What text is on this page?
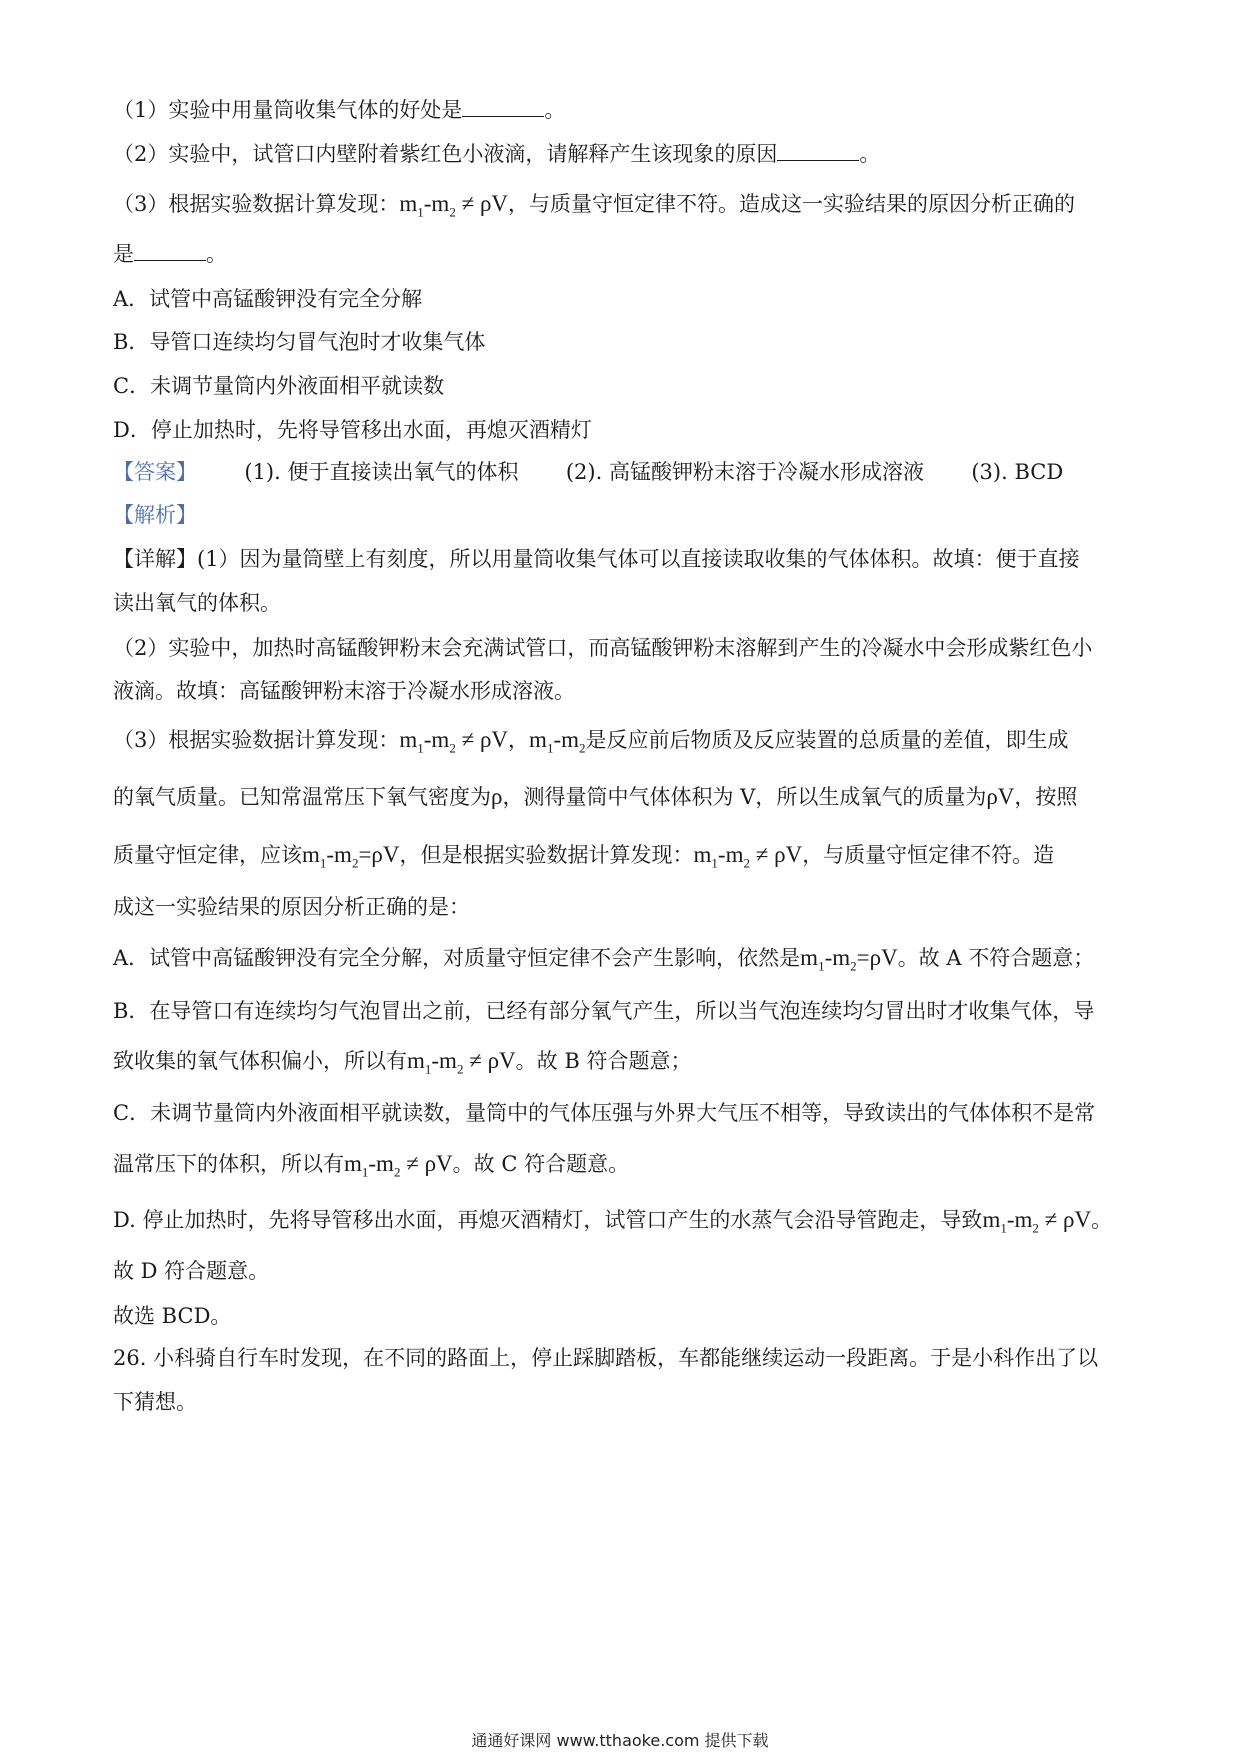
（1）实验中用量筒收集气体的好处是	。
（2）实验中，试管口内壁附着紫红色小液滴，请解释产生该现象的原因	。
（3）根据实验数据计算发现：$m_1-m_2 \ne \rho V$，与质量守恒定律不符。造成这一实验结果的原因分析正确的
是	。
A．试管中高锰酸钾没有完全分解
B．导管口连续均匀冒气泡时才收集气体
C．未调节量筒内外液面相平就读数
D．停止加热时，先将导管移出水面，再熄灭酒精灯
【答案】 (1). 便于直接读出氧气的体积 (2). 高锰酸钾粉末溶于冷凝水形成溶液 (3). BCD
【解析】
【详解】(1）因为量筒壁上有刻度，所以用量筒收集气体可以直接读取收集的气体体积。故填：便于直接
读出氧气的体积。
（2）实验中，加热时高锰酸钾粉末会充满试管口，而高锰酸钾粉末溶解到产生的冷凝水中会形成紫红色小
液滴。故填：高锰酸钾粉末溶于冷凝水形成溶液。
（3）根据实验数据计算发现：$m_1-m_2 \ne \rho V$，$m_1-m_2$是反应前后物质及反应装置的总质量的差值，即生成
的氧气质量。已知常温常压下氧气密度为ρ，测得量筒中气体体积为 V，所以生成氧气的质量为ρV，按照
质量守恒定律，应该$m_1-m_2=\rho V$，但是根据实验数据计算发现：$m_1-m_2 \ne \rho V$，与质量守恒定律不符。造
成这一实验结果的原因分析正确的是：
A．试管中高锰酸钾没有完全分解，对质量守恒定律不会产生影响，依然是$m_1-m_2=\rho V$。故 A 不符合题意；
B．在导管口有连续均匀气泡冒出之前，已经有部分氧气产生，所以当气泡连续均匀冒出时才收集气体，导
致收集的氧气体积偏小，所以有$m_1-m_2 \ne \rho V$。故 B 符合题意；
C．未调节量筒内外液面相平就读数，量筒中的气体压强与外界大气压不相等，导致读出的气体体积不是常
温常压下的体积，所以有$m_1-m_2 \ne \rho V$。故 C 符合题意。
D. 停止加热时，先将导管移出水面，再熄灭酒精灯，试管口产生的水蒸气会沿导管跑走，导致$m_1-m_2 \ne \rho V$。
故 D 符合题意。
故选 BCD。
26. 小科骑自行车时发现，在不同的路面上，停止踩脚踏板，车都能继续运动一段距离。于是小科作出了以
下猜想。
通通好课网 www.tthaoke.com 提供下载
